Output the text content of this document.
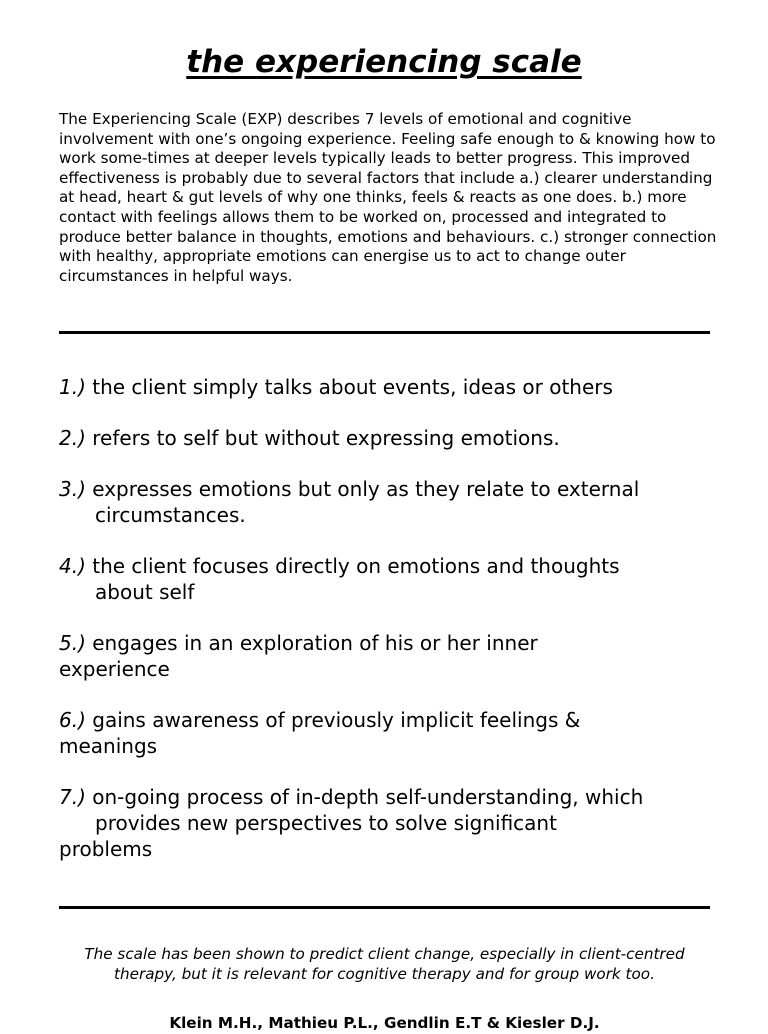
the experiencing scale

The Experiencing Scale (EXP) describes 7 levels of emotional and cognitive involvement with one’s ongoing experience. Feeling safe enough to & knowing how to work some-times at deeper levels typically leads to better progress. This improved effectiveness is probably due to several factors that include a.) clearer understanding at head, heart & gut levels of why one thinks, feels & reacts as one does. b.) more contact with feelings allows them to be worked on, processed and integrated to produce better balance in thoughts, emotions and behaviours. c.) stronger connection with healthy, appropriate emotions can energise us to act to change outer circumstances in helpful ways.

1.) the client simply talks about events, ideas or others
2.) refers to self but without expressing emotions.
3.) expresses emotions but only as they relate to external
circumstances.
4.) the client focuses directly on emotions and thoughts
about self
5.) engages in an exploration of his or her inner
experience
6.) gains awareness of previously implicit feelings &
meanings
7.) on-going process of in-depth self-understanding, which
provides new perspectives to solve significant
problems

The scale has been shown to predict client change, especially in client-centred therapy, but it is relevant for cognitive therapy and for group work too.

Klein M.H., Mathieu P.L., Gendlin E.T & Kiesler D.J.
